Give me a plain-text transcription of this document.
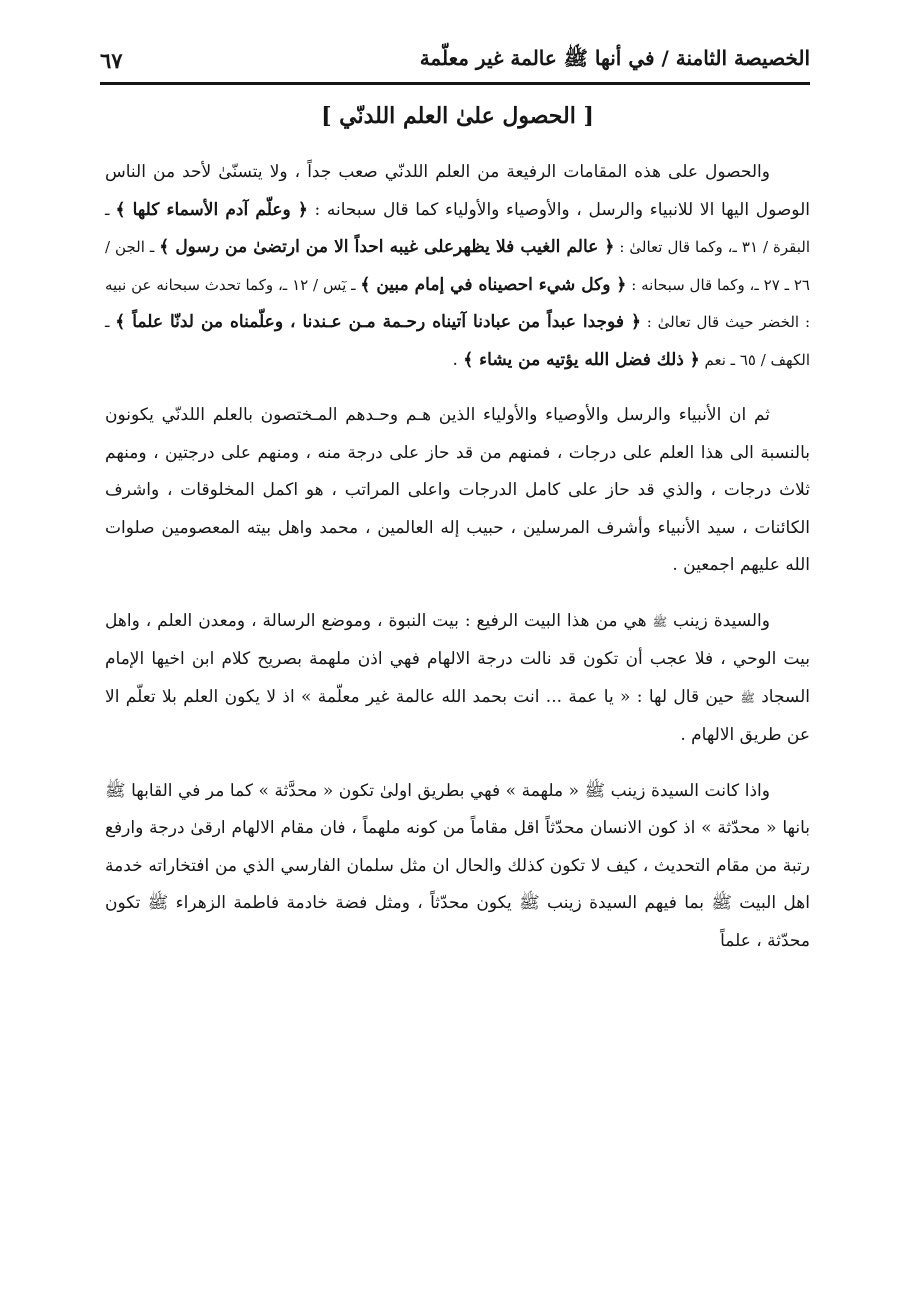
الخصيصة الثامنة / في أنها ﷺ عالمة غير معلّمة
٦٧
[ الحصول علىٰ العلم اللدنّي ]

والحصول على هذه المقامات الرفيعة من العلم اللدنّي صعب جداً ، ولا يتسنّىٰ لأحد من الناس الوصول اليها الا للانبياء والرسل ، والأوصياء والأولياء كما قال سبحانه : ﴿ وعلّم آدم الأسماء كلها ﴾ ـ البقرة / ٣١ ـ، وكما قال تعالىٰ : ﴿ عالم الغيب فلا يظهرعلى غيبه احداً الا من ارتضىٰ من رسول ﴾ ـ الجن / ٢٦ ـ ٢٧ ـ، وكما قال سبحانه : ﴿ وكل شيء احصيناه في إمام مبين ﴾ ـ يٓس / ١٢ ـ، وكما تحدث سبحانه عن نبيه : الخضر حيث قال تعالىٰ : ﴿ فوجدا عبداً من عبادنا آتيناه رحـمة مـن عـندنا ، وعلّمناه من لدنّا علماً ﴾ ـ الكهف / ٦٥ ـ نعم ﴿ ذلك فضل الله يؤتيه من يشاء ﴾ .

ثم ان الأنبياء والرسل والأوصياء والأولياء الذين هـم وحـدهم المـختصون بالعلم اللدنّي يكونون بالنسبة الى هذا العلم على درجات ، فمنهم من قد حاز على درجة منه ، ومنهم على درجتين ، ومنهم ثلاث درجات ، والذي قد حاز على كامل الدرجات واعلى المراتب ، هو اكمل المخلوقات ، واشرف الكائنات ، سيد الأنبياء وأشرف المرسلين ، حبيب إله العالمين ، محمد واهل بيته المعصومين صلوات الله عليهم اجمعين .

والسيدة زينب ﷺ هي من هذا البيت الرفيع : بيت النبوة ، وموضع الرسالة ، ومعدن العلم ، واهل بيت الوحي ، فلا عجب أن تكون قد نالت درجة الالهام فهي اذن ملهمة بصريح كلام ابن اخيها الإمام السجاد ﷺ حين قال لها : « يا عمة ... انت بحمد الله عالمة غير معلّمة » اذ لا يكون العلم بلا تعلّم الا عن طريق الالهام .

واذا كانت السيدة زينب ﷺ « ملهمة » فهي بطريق اولىٰ تكون « محدَّثة » كما مر في القابها ﷺ بانها « محدّثة » اذ كون الانسان محدّثاً اقل مقاماً من كونه ملهماً ، فان مقام الالهام ارقىٰ درجة وارفع رتبة من مقام التحديث ، كيف لا تكون كذلك والحال ان مثل سلمان الفارسي الذي من افتخاراته خدمة اهل البيت ﷺ بما فيهم السيدة زينب ﷺ يكون محدّثاً ، ومثل فضة خادمة فاطمة الزهراء ﷺ تكون محدّثة ، علماً
